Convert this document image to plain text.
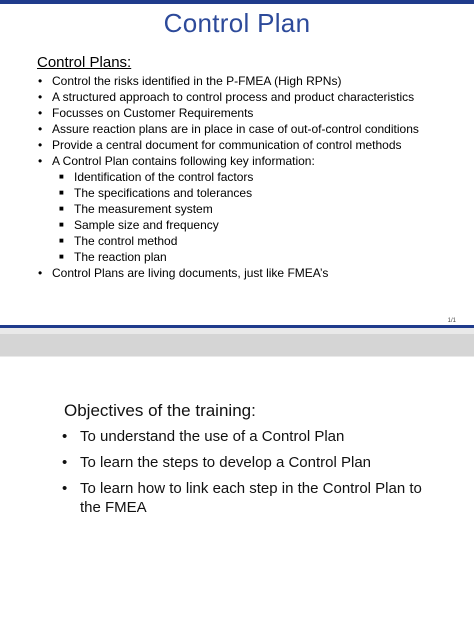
Control Plan
Control Plans:
• Control the risks identified in the P-FMEA (High RPNs)
• A structured approach to control process and product characteristics
• Focusses on Customer Requirements
• Assure reaction plans are in place in case of out-of-control conditions
• Provide a central document for communication of control methods
• A Control Plan contains following key information:
■ Identification of the control factors
■ The specifications and tolerances
■ The measurement system
■ Sample size and frequency
■ The control method
■ The reaction plan
• Control Plans are living documents, just like FMEA’s
1/1
Objectives of the training:
• To understand the use of a Control Plan
• To learn the steps to develop a Control Plan
• To learn how to link each step in the Control Plan to the FMEA
